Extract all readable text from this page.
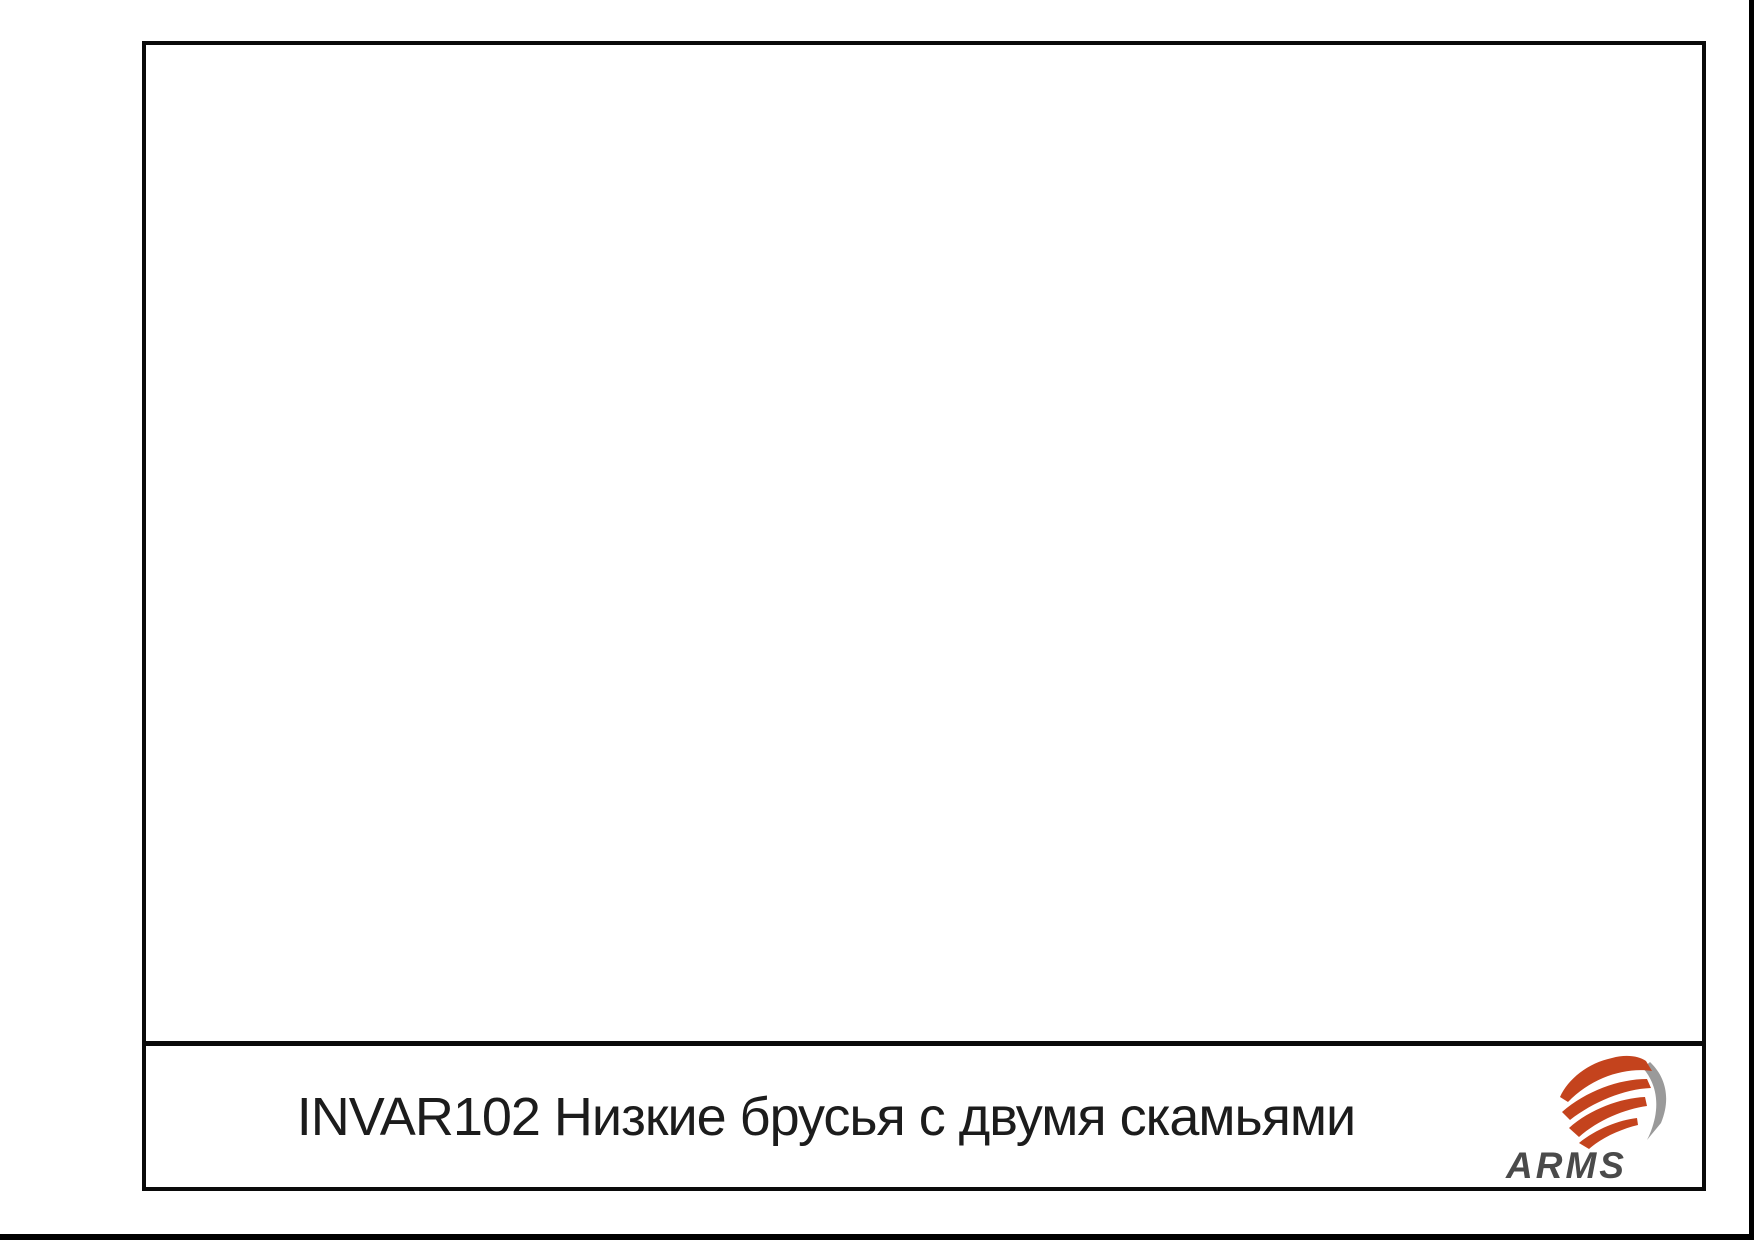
INVAR102 Низкие брусья с двумя скамьями
ARMS
